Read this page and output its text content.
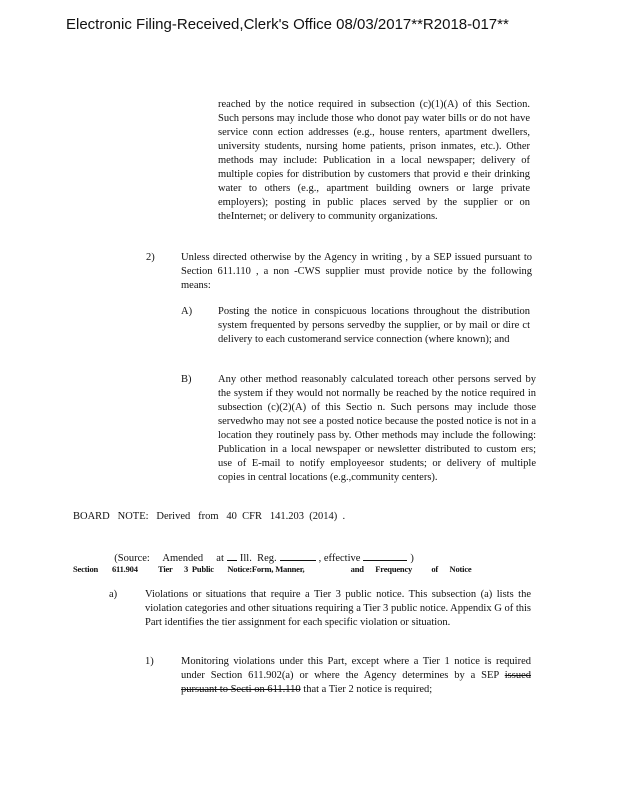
Electronic Filing-Received,Clerk's Office 08/03/2017**R2018-017**
reached by the notice required in subsection (c)(1)(A) of this Section. Such persons may include those who donot pay water bills or do not have service conn ection addresses (e.g., house renters, apartment dwellers, university students, nursing home patients, prison inmates, etc.). Other methods may include: Publication in a local newspaper; delivery of multiple copies for distribution by customers that provid e their drinking water to others (e.g., apartment building owners or large private employers); posting in public places served by the supplier or on theInternet; or delivery to community organizations.
2)	Unless directed otherwise by the Agency in writing , by a SEP issued pursuant to Section 611.110 , a non -CWS supplier must provide notice by the following means:
A) Posting the notice in conspicuous locations throughout the distribution system frequented by persons servedby the supplier, or by mail or dire ct delivery to each customerand service connection (where known); and
B)	Any other method reasonably calculated toreach other persons served by the system if they would not normally be reached by the notice required in subsection (c)(2)(A) of this Sectio n. Such persons may include those servedwho may not see a posted notice because the posted notice is not in a location they routinely pass by. Other methods may include the following: Publication in a local newspaper or newsletter distributed to custom ers; use of E-mail to notify employeesor students; or delivery of multiple copies in central locations (e.g.,community centers).
BOARD   NOTE:   Derived   from   40  CFR   141.203  (2014)  .

(Source:     Amended     at Ill.  Reg.	, effective	)

Section 611.904 Tier      3  Public       Notice:Form, Manner,                        and      Frequency          of      Notice
a)	Violations or situations that require a Tier 3 public notice. This subsection (a) lists the violation categories and other situations requiring a Tier 3 public notice. Appendix G of this Part identifies the tier assignment for each specific violation or situation.
1)	Monitoring violations under this Part, except where a Tier 1 notice is required under Section 611.902(a) or where the Agency determines by a SEP issued pursuant to Secti on 611.110 that a Tier 2 notice is required;
